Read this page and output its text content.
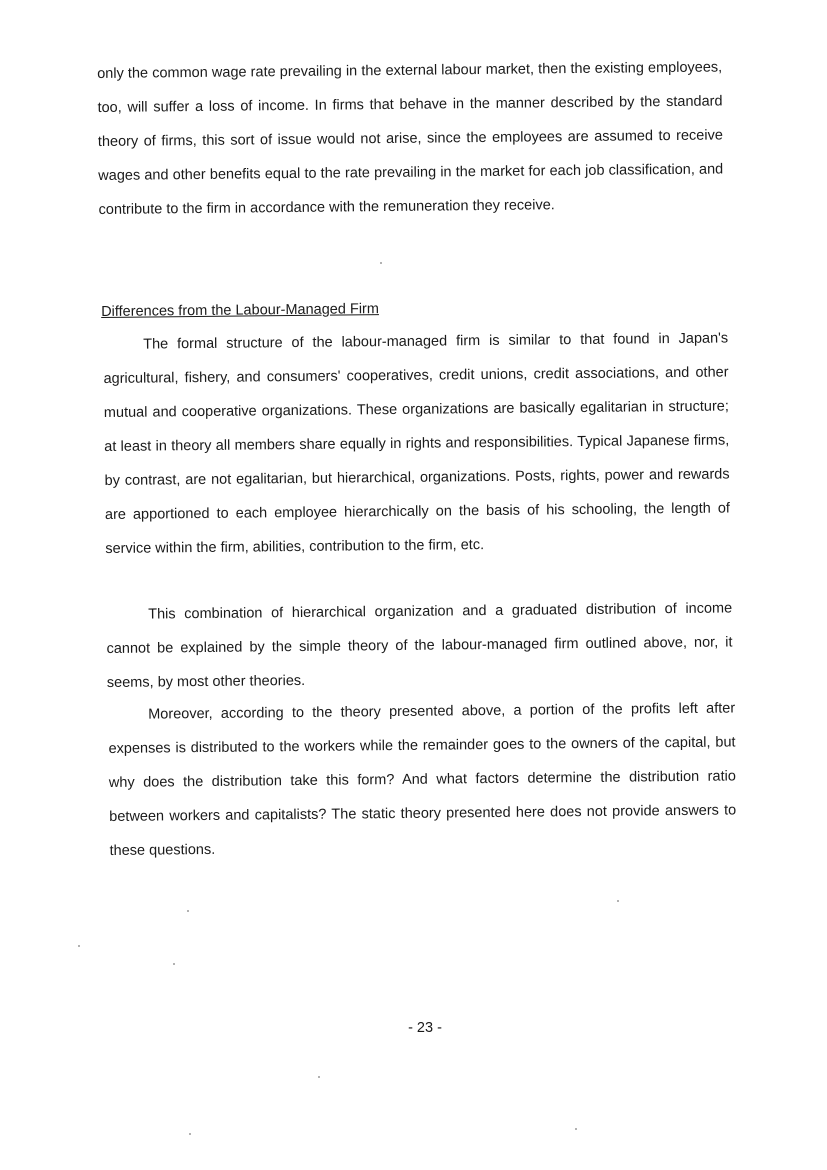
only the common wage rate prevailing in the external labour market, then the existing employees, too, will suffer a loss of income. In firms that behave in the manner described by the standard theory of firms, this sort of issue would not arise, since the employees are assumed to receive wages and other benefits equal to the rate prevailing in the market for each job classification, and contribute to the firm in accordance with the remuneration they receive.

Differences from the Labour-Managed Firm

The formal structure of the labour-managed firm is similar to that found in Japan's agricultural, fishery, and consumers' cooperatives, credit unions, credit associations, and other mutual and cooperative organizations. These organizations are basically egalitarian in structure; at least in theory all members share equally in rights and responsibilities. Typical Japanese firms, by contrast, are not egalitarian, but hierarchical, organizations. Posts, rights, power and rewards are apportioned to each employee hierarchically on the basis of his schooling, the length of service within the firm, abilities, contribution to the firm, etc.

This combination of hierarchical organization and a graduated distribution of income cannot be explained by the simple theory of the labour-managed firm outlined above, nor, it seems, by most other theories.

Moreover, according to the theory presented above, a portion of the profits left after expenses is distributed to the workers while the remainder goes to the owners of the capital, but why does the distribution take this form? And what factors determine the distribution ratio between workers and capitalists? The static theory presented here does not provide answers to these questions.

- 23 -
